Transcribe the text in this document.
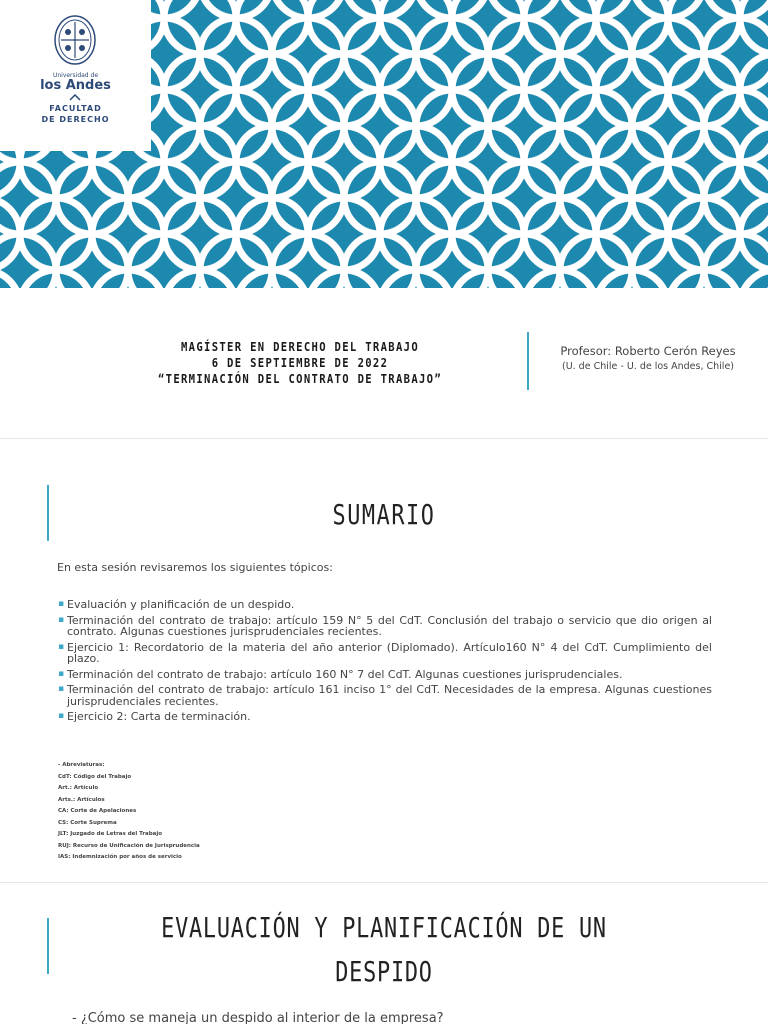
Universidad de
los Andes
FACULTAD
DE DERECHO
MAGÍSTER EN DERECHO DEL TRABAJO
6 DE SEPTIEMBRE DE 2022
“TERMINACIÓN DEL CONTRATO DE TRABAJO”
Profesor: Roberto Cerón Reyes
(U. de Chile - U. de los Andes, Chile)
SUMARIO
En esta sesión revisaremos los siguientes tópicos:
▪ Evaluación y planificación de un despido.
▪ Terminación del contrato de trabajo: artículo 159 N° 5 del CdT. Conclusión del trabajo o servicio que dio origen al contrato. Algunas cuestiones jurisprudenciales recientes.
▪ Ejercicio 1: Recordatorio de la materia del año anterior (Diplomado). Artículo160 N° 4 del CdT. Cumplimiento del plazo.
▪ Terminación del contrato de trabajo: artículo 160 N° 7 del CdT. Algunas cuestiones jurisprudenciales.
▪ Terminación del contrato de trabajo: artículo 161 inciso 1° del CdT. Necesidades de la empresa. Algunas cuestiones jurisprudenciales recientes.
▪ Ejercicio 2: Carta de terminación.
- Abreviaturas:
CdT: Código del Trabajo
Art.: Artículo
Arts.: Artículos
CA: Corte de Apelaciones
CS: Corte Suprema
JLT: Juzgado de Letras del Trabajo
RUJ: Recurso de Unificación de Jurisprudencia
IAS: Indemnización por años de servicio
EVALUACIÓN Y PLANIFICACIÓN DE UN
DESPIDO
- ¿Cómo se maneja un despido al interior de la empresa?
